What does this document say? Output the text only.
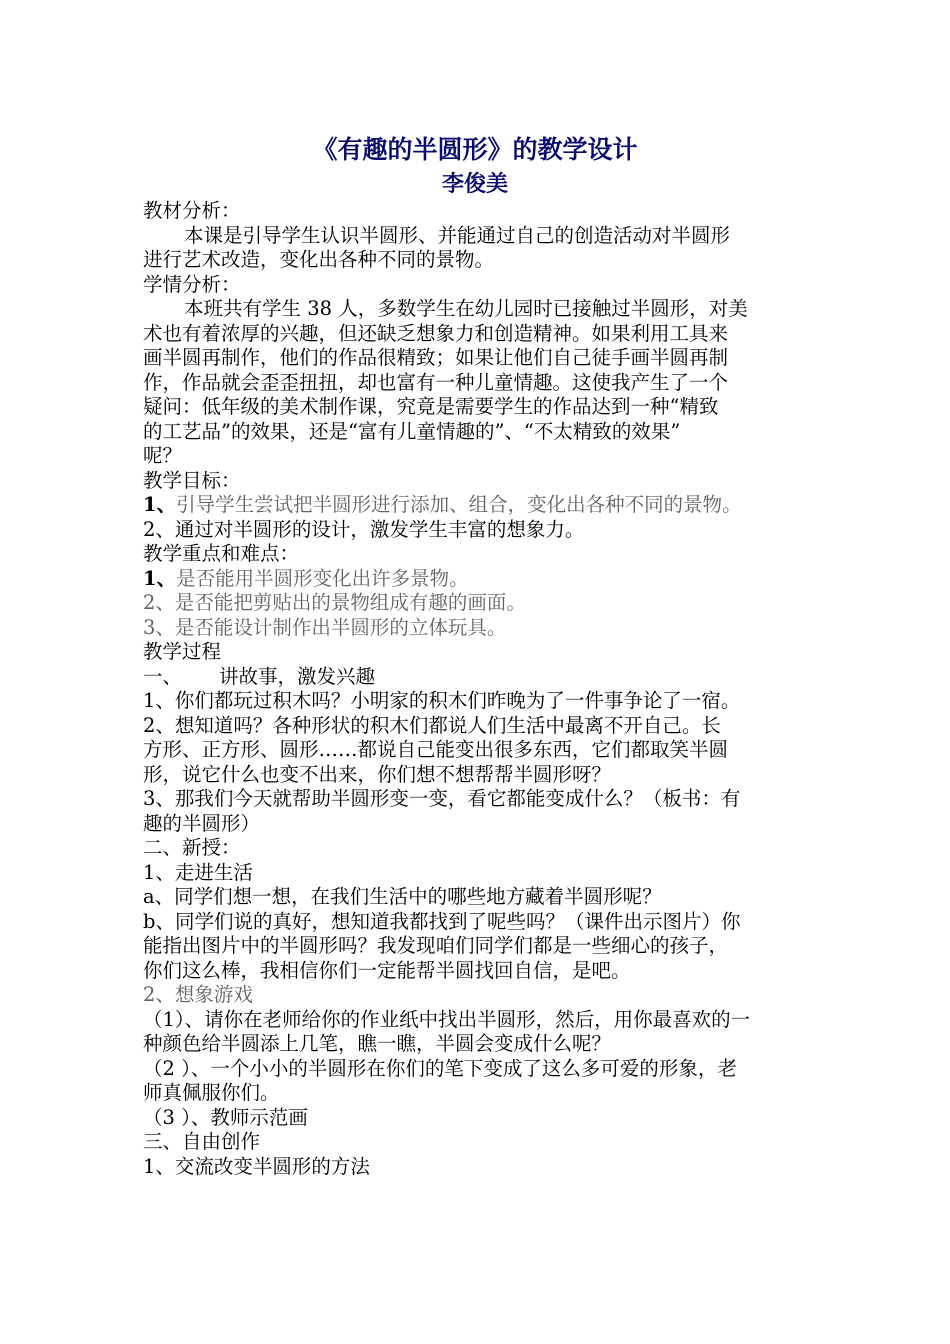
《有趣的半圆形》的教学设计
李俊美
教材分析：
本课是引导学生认识半圆形、并能通过自己的创造活动对半圆形
进行艺术改造，变化出各种不同的景物。
学情分析：
本班共有学生 38 人，多数学生在幼儿园时已接触过半圆形，对美
术也有着浓厚的兴趣，但还缺乏想象力和创造精神。如果利用工具来
画半圆再制作，他们的作品很精致；如果让他们自己徒手画半圆再制
作，作品就会歪歪扭扭，却也富有一种儿童情趣。这使我产生了一个
疑问：低年级的美术制作课，究竟是需要学生的作品达到一种“精致
的工艺品”的效果，还是“富有儿童情趣的”、“不太精致的效果”
呢？
教学目标：
1、引导学生尝试把半圆形进行添加、组合，变化出各种不同的景物。
2、通过对半圆形的设计，激发学生丰富的想象力。
教学重点和难点：
1、是否能用半圆形变化出许多景物。
2、是否能把剪贴出的景物组成有趣的画面。
3、是否能设计制作出半圆形的立体玩具。
教学过程
一、 讲故事，激发兴趣
1、你们都玩过积木吗？小明家的积木们昨晚为了一件事争论了一宿。
2、想知道吗？各种形状的积木们都说人们生活中最离不开自己。长
方形、正方形、圆形……都说自己能变出很多东西，它们都取笑半圆
形，说它什么也变不出来，你们想不想帮帮半圆形呀？
3、那我们今天就帮助半圆形变一变，看它都能变成什么？（板书：有
趣的半圆形）
二、新授：
1、走进生活
a、同学们想一想，在我们生活中的哪些地方藏着半圆形呢？
b、同学们说的真好，想知道我都找到了呢些吗？（课件出示图片）你
能指出图片中的半圆形吗？我发现咱们同学们都是一些细心的孩子，
你们这么棒，我相信你们一定能帮半圆找回自信，是吧。
2、想象游戏
（1）、请你在老师给你的作业纸中找出半圆形，然后，用你最喜欢的一
种颜色给半圆添上几笔，瞧一瞧，半圆会变成什么呢？
（2 ）、一个小小的半圆形在你们的笔下变成了这么多可爱的形象，老
师真佩服你们。
（3 ）、教师示范画
三、自由创作
1、交流改变半圆形的方法
